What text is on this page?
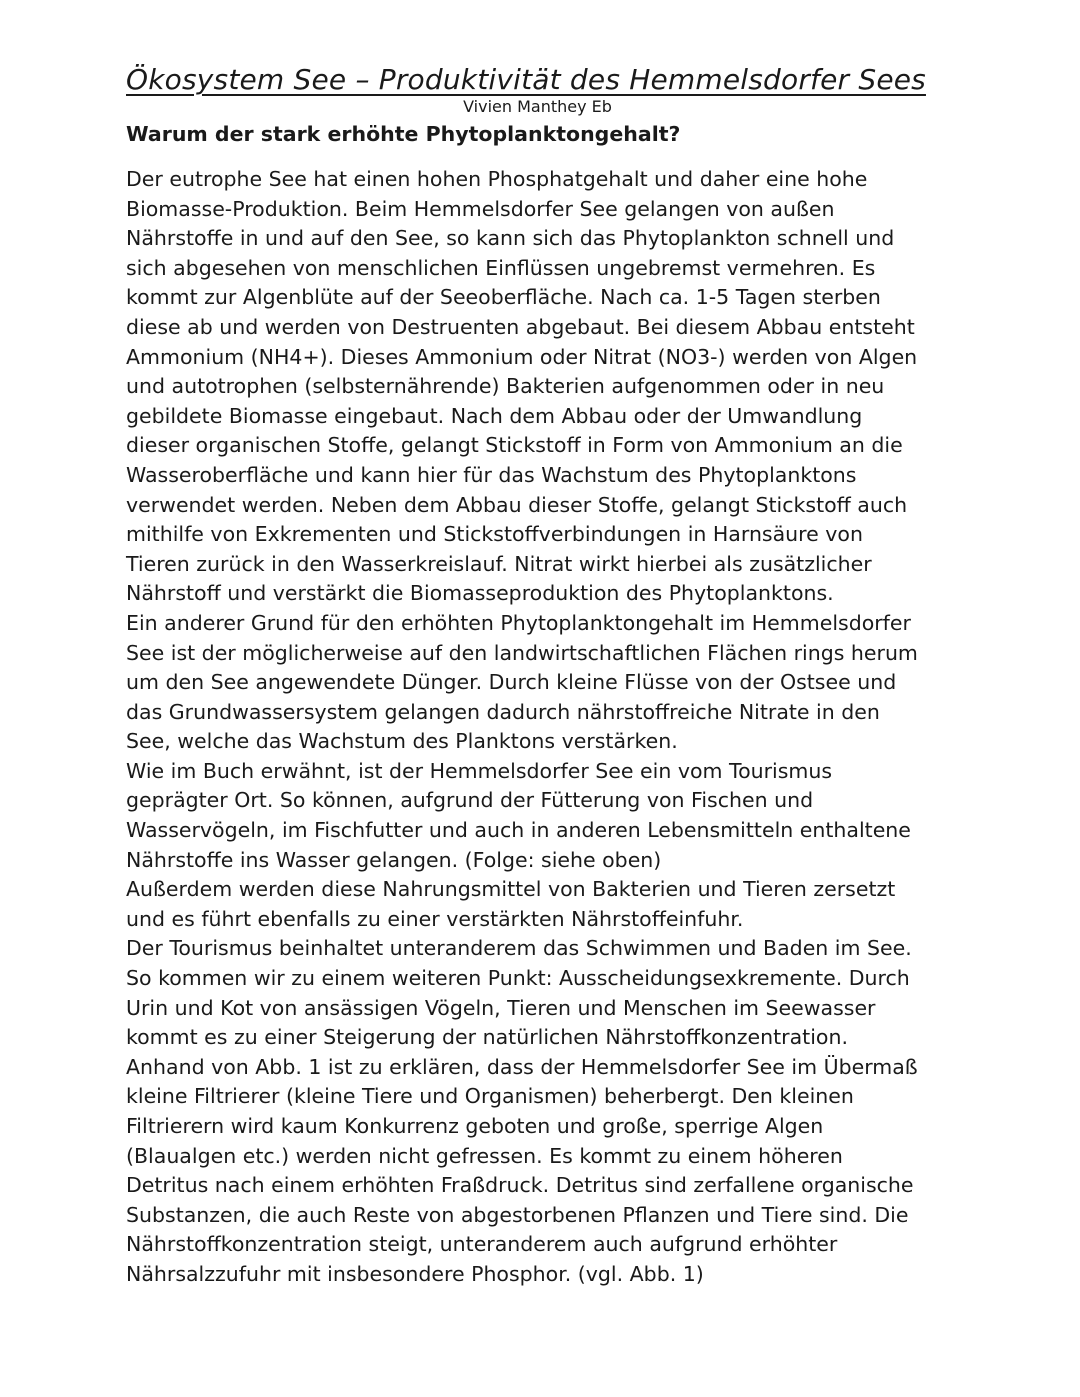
Ökosystem See – Produktivität des Hemmelsdorfer Sees
Vivien Manthey Eb
Warum der stark erhöhte Phytoplanktongehalt?
Der eutrophe See hat einen hohen Phosphatgehalt und daher eine hohe
Biomasse-Produktion. Beim Hemmelsdorfer See gelangen von außen
Nährstoffe in und auf den See, so kann sich das Phytoplankton schnell und
sich abgesehen von menschlichen Einflüssen ungebremst vermehren. Es
kommt zur Algenblüte auf der Seeoberfläche. Nach ca. 1-5 Tagen sterben
diese ab und werden von Destruenten abgebaut. Bei diesem Abbau entsteht
Ammonium (NH4+). Dieses Ammonium oder Nitrat (NO3-) werden von Algen
und autotrophen (selbsternährende) Bakterien aufgenommen oder in neu
gebildete Biomasse eingebaut. Nach dem Abbau oder der Umwandlung
dieser organischen Stoffe, gelangt Stickstoff in Form von Ammonium an die
Wasseroberfläche und kann hier für das Wachstum des Phytoplanktons
verwendet werden. Neben dem Abbau dieser Stoffe, gelangt Stickstoff auch
mithilfe von Exkrementen und Stickstoffverbindungen in Harnsäure von
Tieren zurück in den Wasserkreislauf. Nitrat wirkt hierbei als zusätzlicher
Nährstoff und verstärkt die Biomasseproduktion des Phytoplanktons.
Ein anderer Grund für den erhöhten Phytoplanktongehalt im Hemmelsdorfer
See ist der möglicherweise auf den landwirtschaftlichen Flächen rings herum
um den See angewendete Dünger. Durch kleine Flüsse von der Ostsee und
das Grundwassersystem gelangen dadurch nährstoffreiche Nitrate in den
See, welche das Wachstum des Planktons verstärken.
Wie im Buch erwähnt, ist der Hemmelsdorfer See ein vom Tourismus
geprägter Ort. So können, aufgrund der Fütterung von Fischen und
Wasservögeln, im Fischfutter und auch in anderen Lebensmitteln enthaltene
Nährstoffe ins Wasser gelangen. (Folge: siehe oben)
Außerdem werden diese Nahrungsmittel von Bakterien und Tieren zersetzt
und es führt ebenfalls zu einer verstärkten Nährstoffeinfuhr.
Der Tourismus beinhaltet unteranderem das Schwimmen und Baden im See.
So kommen wir zu einem weiteren Punkt: Ausscheidungsexkremente. Durch
Urin und Kot von ansässigen Vögeln, Tieren und Menschen im Seewasser
kommt es zu einer Steigerung der natürlichen Nährstoffkonzentration.
Anhand von Abb. 1 ist zu erklären, dass der Hemmelsdorfer See im Übermaß
kleine Filtrierer (kleine Tiere und Organismen) beherbergt. Den kleinen
Filtrierern wird kaum Konkurrenz geboten und große, sperrige Algen
(Blaualgen etc.) werden nicht gefressen. Es kommt zu einem höheren
Detritus nach einem erhöhten Fraßdruck. Detritus sind zerfallene organische
Substanzen, die auch Reste von abgestorbenen Pflanzen und Tiere sind. Die
Nährstoffkonzentration steigt, unteranderem auch aufgrund erhöhter
Nährsalzzufuhr mit insbesondere Phosphor. (vgl. Abb. 1)
